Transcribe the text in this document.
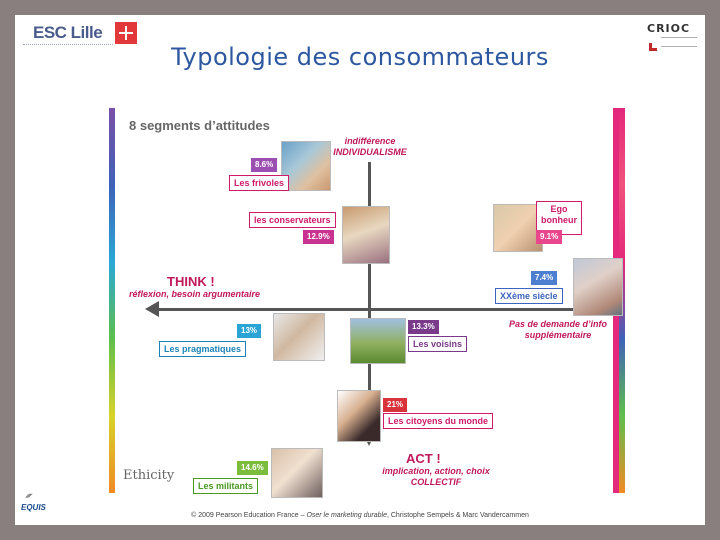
ESC Lille	CRIOC
Typologie des consommateurs
8 segments d’attitudes
indifférence
INDIVIDUALISME
THINK !
réflexion, besoin argumentaire
Pas de demande d’info
supplémentaire
ACT !
implication, action, choix
COLLECTIF
8.6%
Les frivoles
les conservateurs
12.9%
Ego
bonheur
9.1%
7.4%
XXème siècle
13%
Les pragmatiques
13.3%
Les voisins
21%
Les citoyens du monde
14.6%
Les militants
Ethicity
◢◤
EQUIS
© 2009 Pearson Education France – Oser le marketing durable, Christophe Sempels & Marc Vandercammen
